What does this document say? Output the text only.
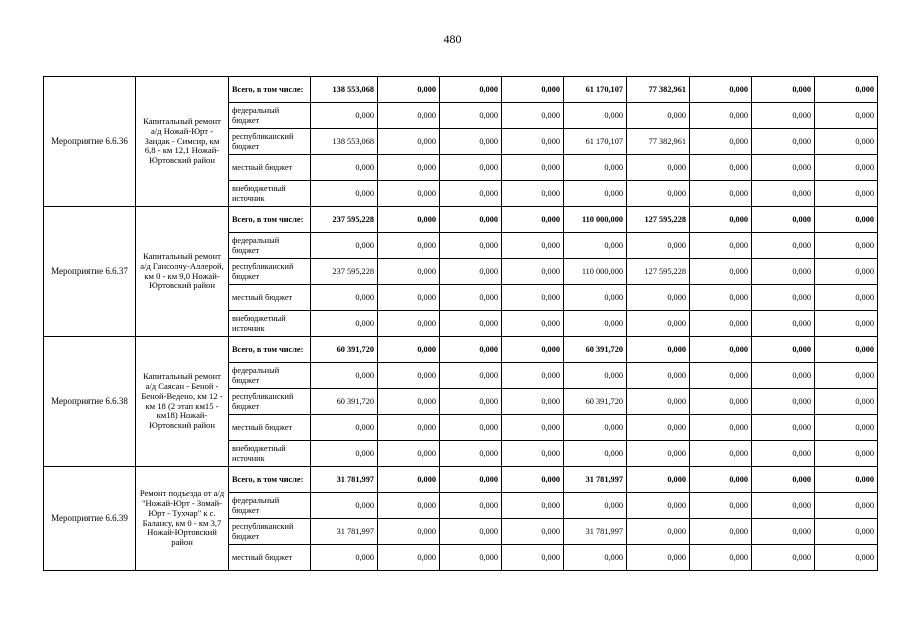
480
Мероприятие 6.6.36	Капитальный ремонт а/д Ножай-Юрт - Зандак - Симсир, км 6,8 - км 12,1 Ножай-Юртовский район	Всего, в том числе:	138 553,068	0,000	0,000	0,000	61 170,107	77 382,961	0,000	0,000	0,000
		федеральный бюджет	0,000	0,000	0,000	0,000	0,000	0,000	0,000	0,000	0,000
		республиканский бюджет	138 553,068	0,000	0,000	0,000	61 170,107	77 382,961	0,000	0,000	0,000
		местный бюджет	0,000	0,000	0,000	0,000	0,000	0,000	0,000	0,000	0,000
		внебюджетный источник	0,000	0,000	0,000	0,000	0,000	0,000	0,000	0,000	0,000
Мероприятие 6.6.37	Капитальный ремонт а/д Гансолчу-Аллерой, км 0 - км 9,0 Ножай-Юртовский район	Всего, в том числе:	237 595,228	0,000	0,000	0,000	110 000,000	127 595,228	0,000	0,000	0,000
		федеральный бюджет	0,000	0,000	0,000	0,000	0,000	0,000	0,000	0,000	0,000
		республиканский бюджет	237 595,228	0,000	0,000	0,000	110 000,000	127 595,228	0,000	0,000	0,000
		местный бюджет	0,000	0,000	0,000	0,000	0,000	0,000	0,000	0,000	0,000
		внебюджетный источник	0,000	0,000	0,000	0,000	0,000	0,000	0,000	0,000	0,000
Мероприятие 6.6.38	Капитальный ремонт а/д Саясан - Беной - Беной-Ведено, км 12 - км 18 (2 этап км15 - км18) Ножай-Юртовский район	Всего, в том числе:	60 391,720	0,000	0,000	0,000	60 391,720	0,000	0,000	0,000	0,000
		федеральный бюджет	0,000	0,000	0,000	0,000	0,000	0,000	0,000	0,000	0,000
		республиканский бюджет	60 391,720	0,000	0,000	0,000	60 391,720	0,000	0,000	0,000	0,000
		местный бюджет	0,000	0,000	0,000	0,000	0,000	0,000	0,000	0,000	0,000
		внебюджетный источник	0,000	0,000	0,000	0,000	0,000	0,000	0,000	0,000	0,000
Мероприятие 6.6.39	Ремонт подъезда от а/д "Ножай-Юрт - Зомай-Юрт - Тухчар" к с. Балансу, км 0 - км 3,7 Ножай-Юртовский район	Всего, в том числе:	31 781,997	0,000	0,000	0,000	31 781,997	0,000	0,000	0,000	0,000
		федеральный бюджет	0,000	0,000	0,000	0,000	0,000	0,000	0,000	0,000	0,000
		республиканский бюджет	31 781,997	0,000	0,000	0,000	31 781,997	0,000	0,000	0,000	0,000
		местный бюджет	0,000	0,000	0,000	0,000	0,000	0,000	0,000	0,000	0,000
